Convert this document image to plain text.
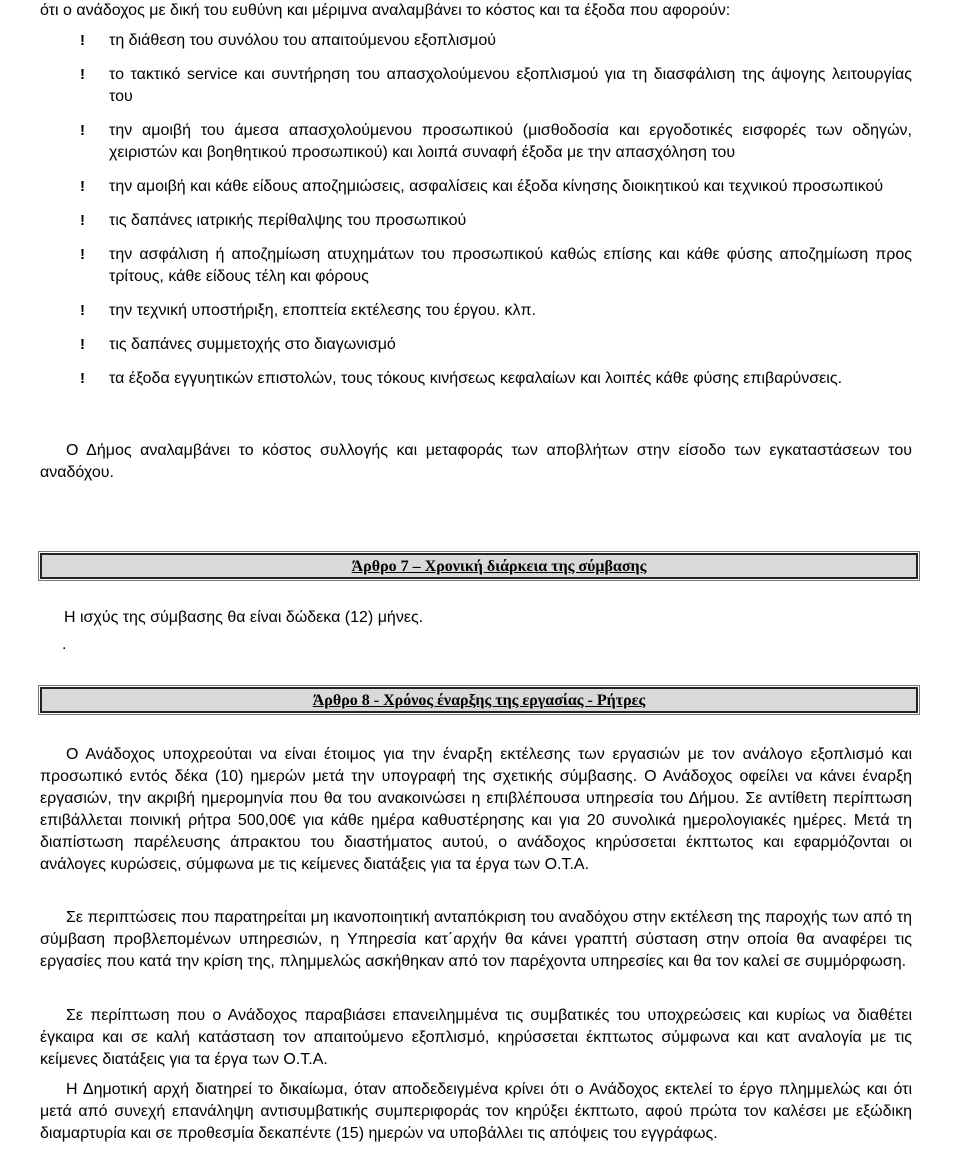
ότι ο ανάδοχος με δική του ευθύνη και μέριμνα αναλαμβάνει το κόστος και τα έξοδα που αφορούν:
! τη διάθεση του συνόλου του απαιτούμενου εξοπλισμού
! το τακτικό service και συντήρηση του απασχολούμενου εξοπλισμού για τη διασφάλιση της άψογης λειτουργίας του
! την αμοιβή του άμεσα απασχολούμενου προσωπικού (μισθοδοσία και εργοδοτικές εισφορές των οδηγών, χειριστών και βοηθητικού προσωπικού) και λοιπά συναφή έξοδα με την απασχόληση του
! την αμοιβή και κάθε είδους αποζημιώσεις, ασφαλίσεις και έξοδα κίνησης διοικητικού και τεχνικού προσωπικού
! τις δαπάνες ιατρικής περίθαλψης του προσωπικού
! την ασφάλιση ή αποζημίωση ατυχημάτων του προσωπικού καθώς επίσης και κάθε φύσης αποζημίωση προς τρίτους, κάθε είδους τέλη και φόρους
! την τεχνική υποστήριξη, εποπτεία εκτέλεσης του έργου. κλπ.
! τις δαπάνες συμμετοχής στο διαγωνισμό
! τα έξοδα εγγυητικών επιστολών, τους τόκους κινήσεως κεφαλαίων και λοιπές κάθε φύσης επιβαρύνσεις.
Ο Δήμος αναλαμβάνει το κόστος συλλογής και μεταφοράς των αποβλήτων στην είσοδο των εγκαταστάσεων του αναδόχου.
Άρθρο 7 – Χρονική διάρκεια της σύμβασης
Η ισχύς της σύμβασης θα είναι δώδεκα (12) μήνες.
.
Άρθρο 8 - Χρόνος έναρξης της εργασίας - Ρήτρες
Ο Ανάδοχος υποχρεούται να είναι έτοιμος για την έναρξη εκτέλεσης των εργασιών με τον ανάλογο εξοπλισμό και προσωπικό εντός δέκα (10) ημερών μετά την υπογραφή της σχετικής σύμβασης. Ο Ανάδοχος οφείλει να κάνει έναρξη εργασιών, την ακριβή ημερομηνία που θα του ανακοινώσει η επιβλέπουσα υπηρεσία του Δήμου. Σε αντίθετη περίπτωση επιβάλλεται ποινική ρήτρα 500,00€ για κάθε ημέρα καθυστέρησης και για 20 συνολικά ημερολογιακές ημέρες. Μετά τη διαπίστωση παρέλευσης άπρακτου του διαστήματος αυτού, ο ανάδοχος κηρύσσεται έκπτωτος και εφαρμόζονται οι ανάλογες κυρώσεις, σύμφωνα με τις κείμενες διατάξεις για τα έργα των Ο.Τ.Α.
Σε περιπτώσεις που παρατηρείται μη ικανοποιητική ανταπόκριση του αναδόχου στην εκτέλεση της παροχής των από τη σύμβαση προβλεπομένων υπηρεσιών, η Υπηρεσία κατ΄αρχήν θα κάνει γραπτή σύσταση στην οποία θα αναφέρει τις εργασίες που κατά την κρίση της, πλημμελώς ασκήθηκαν από τον παρέχοντα υπηρεσίες και θα τον καλεί σε συμμόρφωση.
Σε περίπτωση που ο Ανάδοχος παραβιάσει επανειλημμένα τις συμβατικές του υποχρεώσεις και κυρίως να διαθέτει έγκαιρα και σε καλή κατάσταση τον απαιτούμενο εξοπλισμό, κηρύσσεται έκπτωτος σύμφωνα και κατ αναλογία με τις κείμενες διατάξεις για τα έργα των Ο.Τ.Α.
Η Δημοτική αρχή διατηρεί το δικαίωμα, όταν αποδεδειγμένα κρίνει ότι ο Ανάδοχος εκτελεί το έργο πλημμελώς και ότι μετά από συνεχή επανάληψη αντισυμβατικής συμπεριφοράς τον κηρύξει έκπτωτο, αφού πρώτα τον καλέσει με εξώδικη διαμαρτυρία και σε προθεσμία δεκαπέντε (15) ημερών να υποβάλλει τις απόψεις του εγγράφως.
